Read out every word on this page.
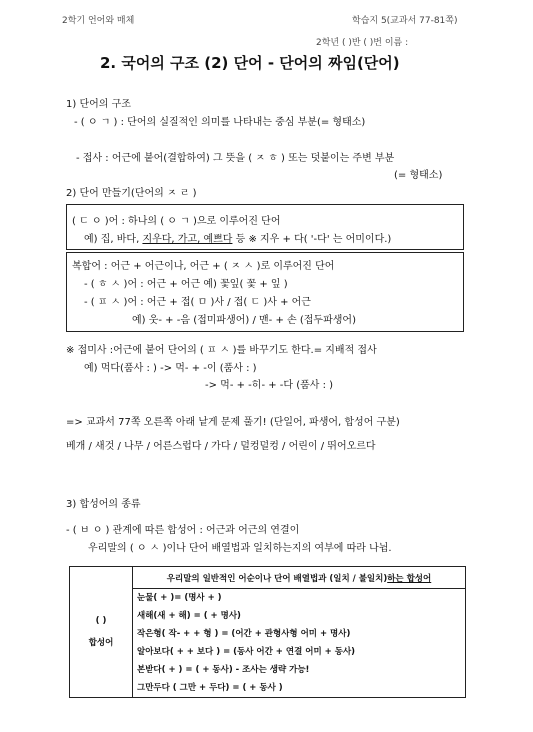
2학기 언어와 매체	학습지 5(교과서 77-81쪽)
2학년 ( )반 ( )번 이름 :
2. 국어의 구조 (2) 단어 - 단어의 짜임(단어)
1) 단어의 구조
- ( ㅇ ㄱ ) : 단어의 실질적인 의미를 나타내는 중심 부분(= 형태소)
- 접사 : 어근에 붙어(결합하여) 그 뜻을 ( ㅈ ㅎ ) 또는 덧붙이는 주변 부분
(= 형태소)
2) 단어 만들기(단어의 ㅈ ㄹ )
( ㄷ ㅇ )어 : 하나의 ( ㅇ ㄱ )으로 이루어진 단어
예) 집, 바다, 지우다, 가고, 예쁘다 등 ※ 지우 + 다( '-다' 는 어미이다.)
복합어 : 어근 + 어근이나, 어근 + ( ㅈ ㅅ )로 이루어진 단어
- ( ㅎ ㅅ )어 : 어근 + 어근 예) 꽃잎( 꽃 + 잎 )
- ( ㅍ ㅅ )어 : 어근 + 접( ㅁ )사 / 접( ㄷ )사 + 어근
예) 웃- + -음 (접미파생어) / 맨- + 손 (접두파생어)
※ 접미사 :어근에 붙어 단어의 ( ㅍ ㅅ )를 바꾸기도 한다.= 지배적 접사
예) 먹다(품사 : ) -> 먹- + -이 (품사 : )
-> 먹- + -히- + -다 (품사 : )
=> 교과서 77쪽 오른쪽 아래 낱게 문제 풀기! (단일어, 파생어, 합성어 구분)
베개 / 새것 / 나무 / 어른스럽다 / 가다 / 덜컹덜컹 / 어린이 / 뛰어오르다
3) 합성어의 종류
- ( ㅂ ㅇ ) 관계에 따른 합성어 : 어근과 어근의 연결이
우리말의 ( ㅇ ㅅ )이나 단어 배열법과 일치하는지의 여부에 따라 나뉨.
( )
합성어
	우리말의 일반적인 어순이나 단어 배열법과 (일치 / 불일치)하는 합성어
눈물( + )= (명사 + )
새해(새 + 해) = ( + 명사)
작은형( 작- + + 형 ) = (어간 + 관형사형 어미 + 명사)
알아보다( + + 보다 ) = (동사 어간 + 연결 어미 + 동사)
본받다( + ) = ( + 동사) - 조사는 생략 가능!
그만두다 ( 그만 + 두다) = ( + 동사 )
